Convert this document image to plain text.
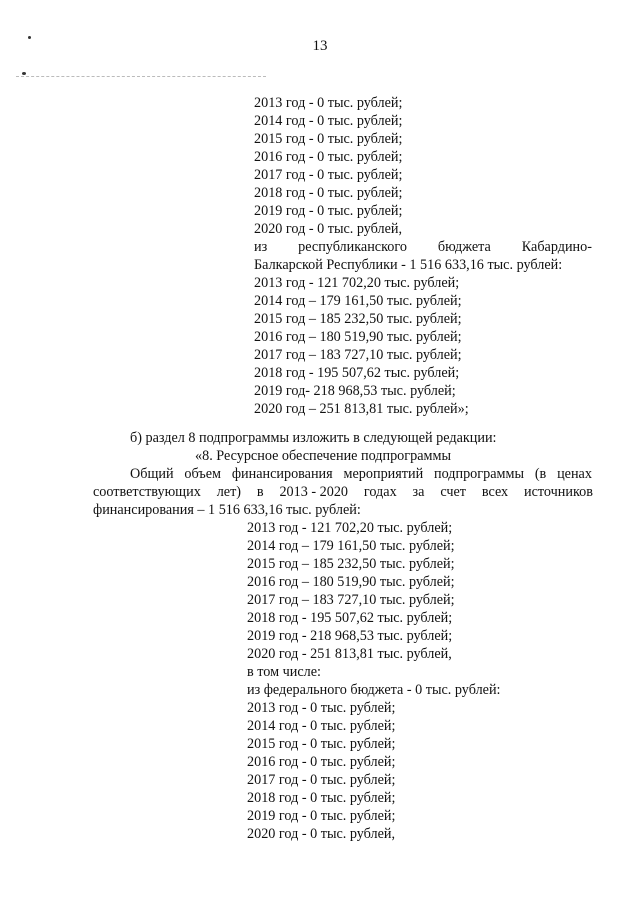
13
2013 год - 0 тыс. рублей;
2014 год - 0 тыс. рублей;
2015 год - 0 тыс. рублей;
2016 год - 0 тыс. рублей;
2017 год - 0 тыс. рублей;
2018 год - 0 тыс. рублей;
2019 год - 0 тыс. рублей;
2020 год - 0 тыс. рублей,
из республиканского бюджета Кабардино-
Балкарской Республики - 1 516 633,16 тыс. рублей:
2013 год - 121 702,20 тыс. рублей;
2014 год – 179 161,50 тыс. рублей;
2015 год – 185 232,50 тыс. рублей;
2016 год – 180 519,90 тыс. рублей;
2017 год – 183 727,10 тыс. рублей;
2018 год - 195 507,62 тыс. рублей;
2019 год- 218 968,53 тыс. рублей;
2020 год – 251 813,81 тыс. рублей»;
б) раздел 8 подпрограммы изложить в следующей редакции:
«8. Ресурсное обеспечение подпрограммы
Общий объем финансирования мероприятий подпрограммы (в ценах
соответствующих лет) в 2013 - 2020 годах за счет всех источников
финансирования – 1 516 633,16 тыс. рублей:
2013 год - 121 702,20 тыс. рублей;
2014 год – 179 161,50 тыс. рублей;
2015 год – 185 232,50 тыс. рублей;
2016 год – 180 519,90 тыс. рублей;
2017 год – 183 727,10 тыс. рублей;
2018 год - 195 507,62 тыс. рублей;
2019 год - 218 968,53 тыс. рублей;
2020 год - 251 813,81 тыс. рублей,
в том числе:
из федерального бюджета - 0 тыс. рублей:
2013 год - 0 тыс. рублей;
2014 год - 0 тыс. рублей;
2015 год - 0 тыс. рублей;
2016 год - 0 тыс. рублей;
2017 год - 0 тыс. рублей;
2018 год - 0 тыс. рублей;
2019 год - 0 тыс. рублей;
2020 год - 0 тыс. рублей,
